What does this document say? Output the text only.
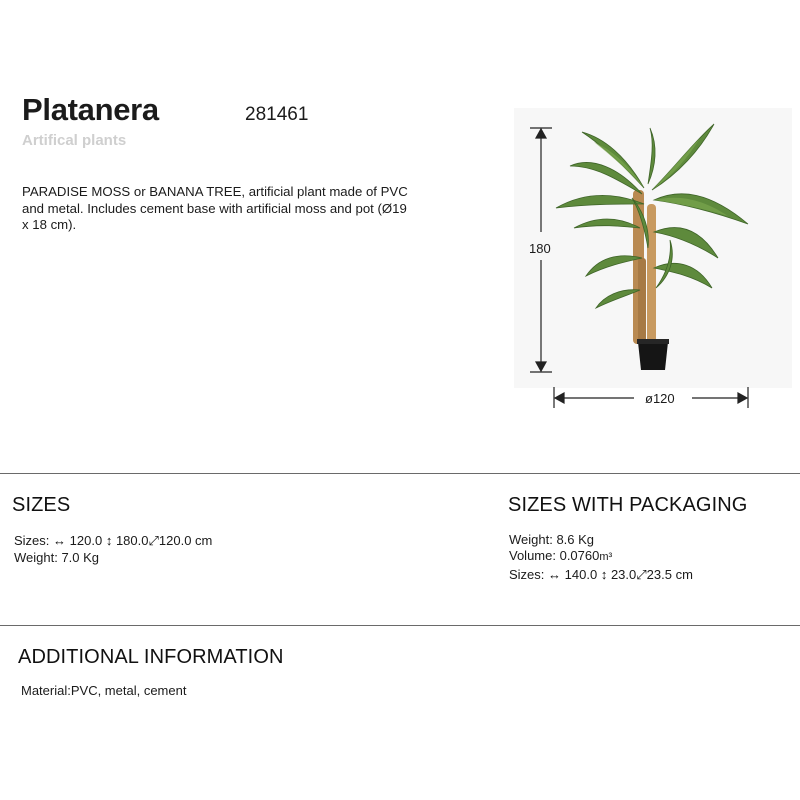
Platanera	281461
Artifical plants
PARADISE MOSS or BANANA TREE, artificial plant made of PVC and metal. Includes cement base with artificial moss and pot (Ø19 x 18 cm).
180
ø120
SIZES
Sizes: ↔ 120.0 ↕ 180.0⤢120.0 cm
Weight: 7.0 Kg
SIZES WITH PACKAGING
Weight: 8.6 Kg
Volume: 0.0760m³
Sizes: ↔ 140.0 ↕ 23.0⤢23.5 cm
ADDITIONAL INFORMATION
Material:PVC, metal, cement
